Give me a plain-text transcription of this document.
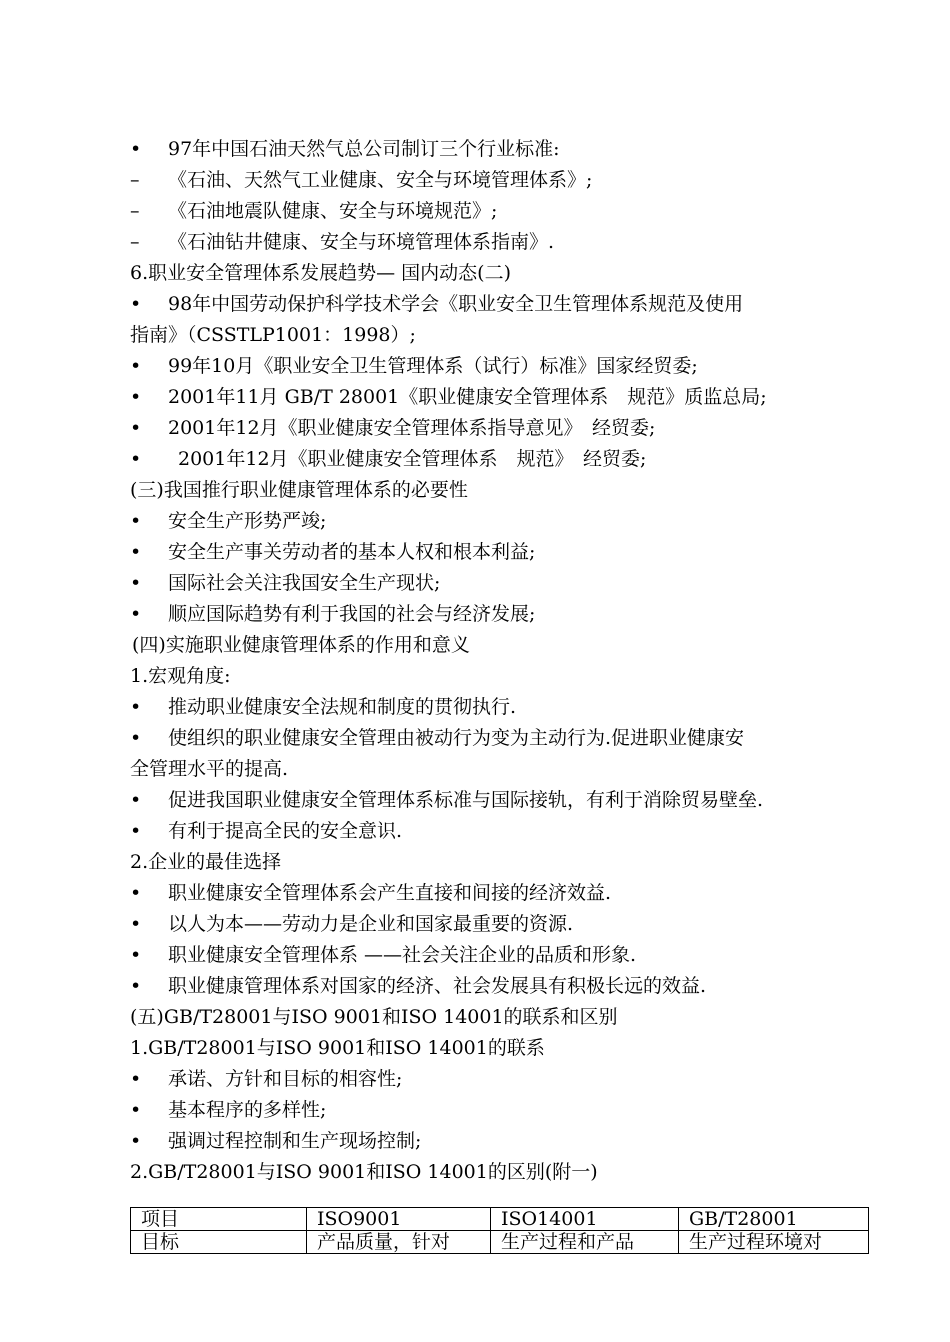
• 97年中国石油天然气总公司制订三个行业标准:
– 《石油、天然气工业健康、安全与环境管理体系》;
– 《石油地震队健康、安全与环境规范》;
– 《石油钻井健康、安全与环境管理体系指南》.
6.职业安全管理体系发展趋势— 国内动态(二)
• 98年中国劳动保护科学技术学会《职业安全卫生管理体系规范及使用
指南》（CSSTLP1001：1998）;
• 99年10月《职业安全卫生管理体系（试行）标准》国家经贸委;
• 2001年11月 GB/T 28001《职业健康安全管理体系　规范》质监总局;
• 2001年12月《职业健康安全管理体系指导意见》　经贸委;
• 2001年12月《职业健康安全管理体系　规范》　经贸委;
(三)我国推行职业健康管理体系的必要性
• 安全生产形势严竣;
• 安全生产事关劳动者的基本人权和根本利益;
• 国际社会关注我国安全生产现状;
• 顺应国际趋势有利于我国的社会与经济发展;
(四)实施职业健康管理体系的作用和意义
1.宏观角度:
• 推动职业健康安全法规和制度的贯彻执行.
• 使组织的职业健康安全管理由被动行为变为主动行为.促进职业健康安
全管理水平的提高.
• 促进我国职业健康安全管理体系标准与国际接轨，有利于消除贸易壁垒.
• 有利于提高全民的安全意识.
2.企业的最佳选择
• 职业健康安全管理体系会产生直接和间接的经济效益.
• 以人为本——劳动力是企业和国家最重要的资源.
• 职业健康安全管理体系 ——社会关注企业的品质和形象.
• 职业健康管理体系对国家的经济、社会发展具有积极长远的效益.
(五)GB/T28001与ISO 9001和ISO 14001的联系和区别
1.GB/T28001与ISO 9001和ISO 14001的联系
• 承诺、方针和目标的相容性;
• 基本程序的多样性;
• 强调过程控制和生产现场控制;
2.GB/T28001与ISO 9001和ISO 14001的区别(附一)
项目	ISO9001	ISO14001	GB/T28001
目标	产品质量，针对	生产过程和产品	生产过程环境对
